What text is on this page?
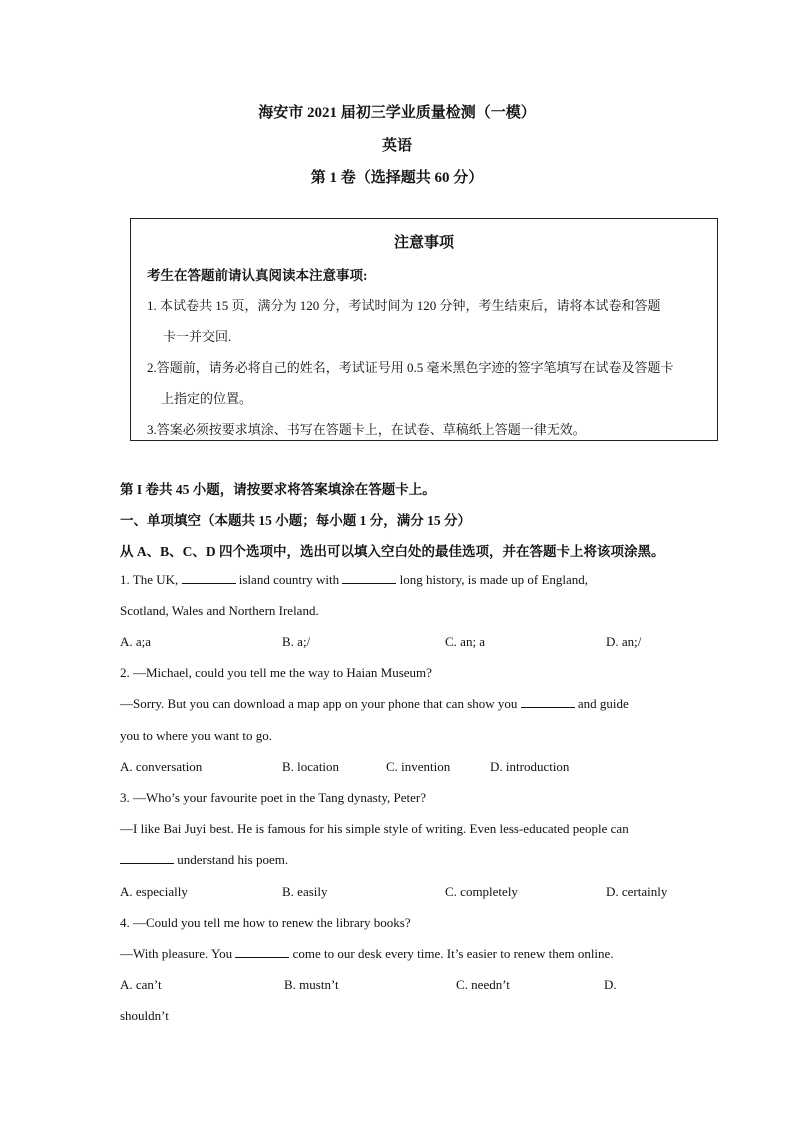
海安市 2021 届初三学业质量检测（一模）
英语
第 1 卷（选择题共 60 分）
注意事项
考生在答题前请认真阅读本注意事项:
1. 本试卷共 15 页，满分为 120 分，考试时间为 120 分钟，考生结束后，请将本试卷和答题
卡一并交回.
2.答题前，请务必将自己的姓名，考试证号用 0.5 毫米黑色字迹的签字笔填写在试卷及答题卡
上指定的位置。
3.答案必须按要求填涂、书写在答题卡上，在试卷、草稿纸上答题一律无效。
第 I 卷共 45 小题，请按要求将答案填涂在答题卡上。
一、单项填空（本题共 15 小题；每小题 1 分，满分 15 分）
从 A、B、C、D 四个选项中，选出可以填入空白处的最佳选项，并在答题卡上将该项涂黑。
1. The UK,	island country with	long history, is made up of England,
Scotland, Wales and Northern Ireland.
A. a;a	B. a;/	C. an; a	D. an;/
2. —Michael, could you tell me the way to Haian Museum?
—Sorry. But you can download a map app on your phone that can show you	and guide
you to where you want to go.
A. conversation	B. location	C. invention	D. introduction
3. —Who’s your favourite poet in the Tang dynasty, Peter?
—I like Bai Juyi best. He is famous for his simple style of writing. Even less-educated people can
understand his poem.
A. especially	B. easily	C. completely	D. certainly
4. —Could you tell me how to renew the library books?
—With pleasure. You	come to our desk every time. It’s easier to renew them online.
A. can’t	B. mustn’t	C. needn’t	D.
shouldn’t
